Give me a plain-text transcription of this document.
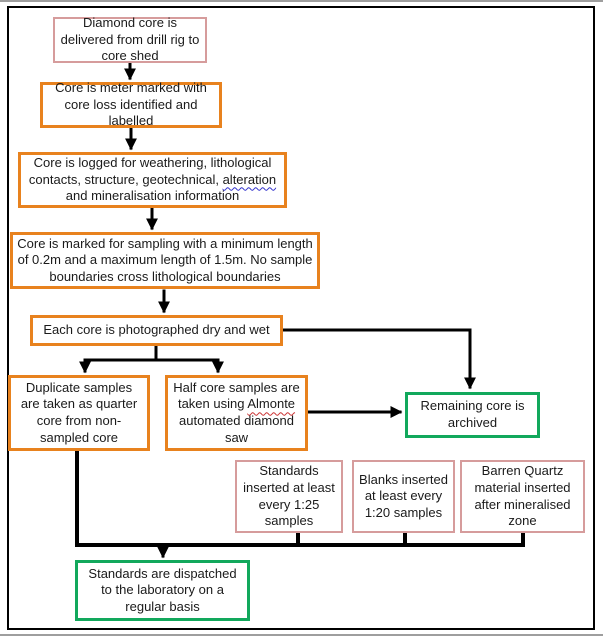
Diamond core is delivered from drill rig to core shed
Core is meter marked with core loss identified and labelled
Core is logged for weathering, lithological contacts, structure, geotechnical, alteration and mineralisation information
Core is marked for sampling with a minimum length of 0.2m and a maximum length of 1.5m. No sample boundaries cross lithological boundaries
Each core is photographed dry and wet
Duplicate samples are taken as quarter core from non-sampled core
Half core samples are taken using Almonte automated diamond saw
Remaining core is archived
Standards inserted at least every 1:25 samples
Blanks inserted at least every 1:20 samples
Barren Quartz material inserted after mineralised zone
Standards are dispatched to the laboratory on a regular basis
